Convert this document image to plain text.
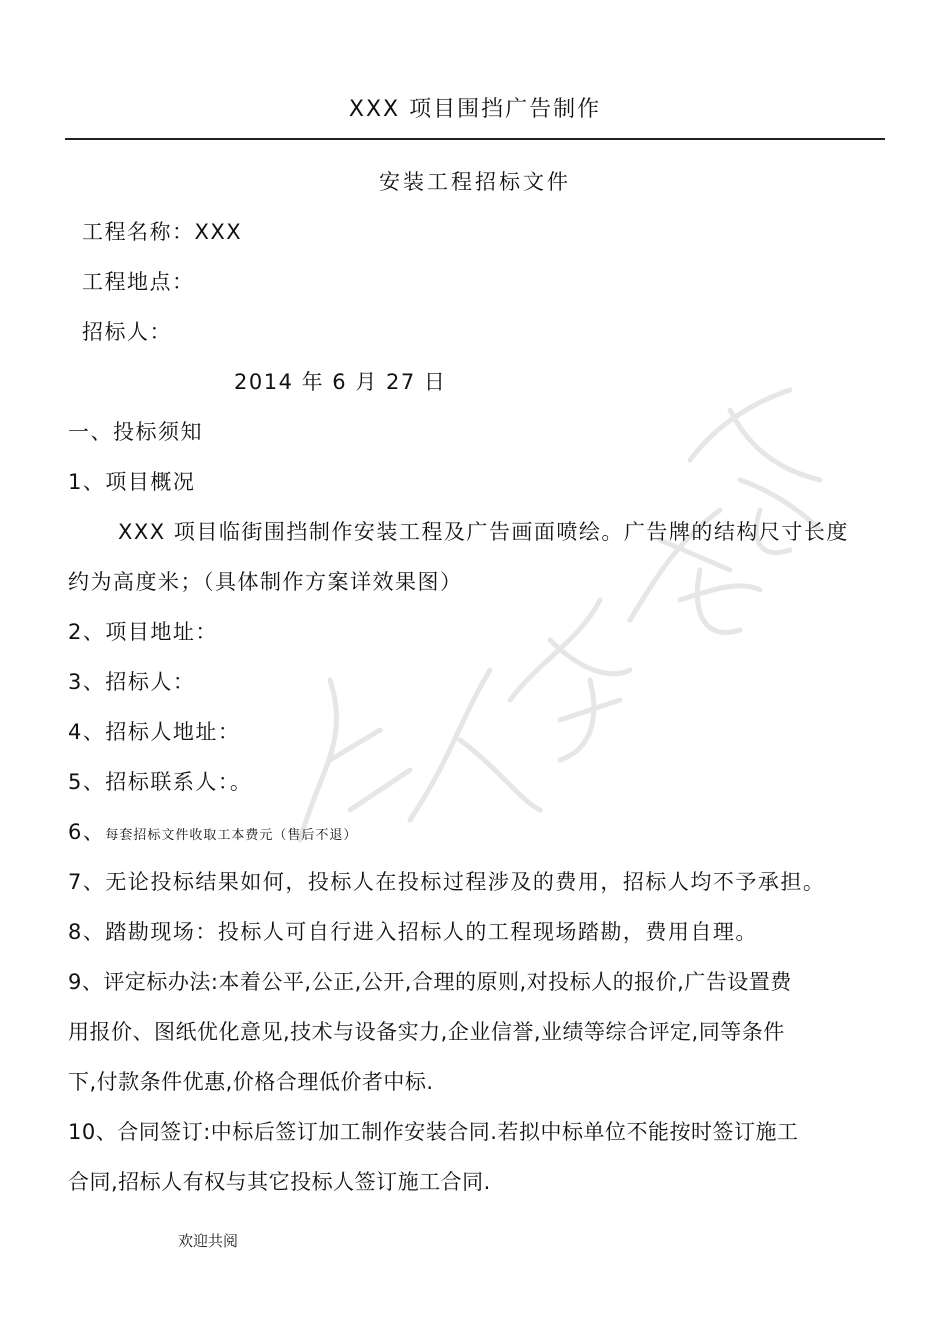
XXX 项目围挡广告制作
安装工程招标文件
工程名称：XXX
工程地点：
招标人：
2014 年 6 月 27 日
一、投标须知
1、项目概况
XXX 项目临街围挡制作安装工程及广告画面喷绘。广告牌的结构尺寸长度
约为高度米；（具体制作方案详效果图）
2、项目地址：
3、招标人：
4、招标人地址：
5、招标联系人：。
6、每套招标文件收取工本费元（售后不退）
7、无论投标结果如何，投标人在投标过程涉及的费用，招标人均不予承担。
8、踏勘现场：投标人可自行进入招标人的工程现场踏勘，费用自理。
9、评定标办法:本着公平,公正,公开,合理的原则,对投标人的报价,广告设置费
用报价、图纸优化意见,技术与设备实力,企业信誉,业绩等综合评定,同等条件
下,付款条件优惠,价格合理低价者中标.
10、合同签订:中标后签订加工制作安装合同.若拟中标单位不能按时签订施工
合同,招标人有权与其它投标人签订施工合同.
欢迎共阅
